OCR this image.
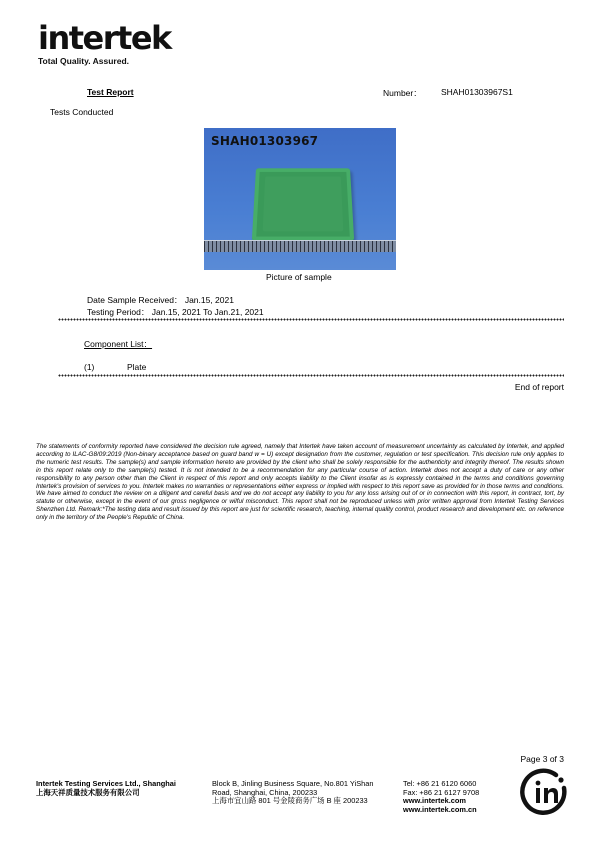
intertek
Total Quality. Assured.
Test Report	Number： SHAH01303967S1
Tests Conducted
SHAH01303967
Picture of sample
Date Sample Received： Jan.15, 2021
Testing Period： Jan.15, 2021 To Jan.21, 2021
Component List：
(1)	Plate
End of report
The statements of conformity reported have considered the decision rule agreed, namely that Intertek have taken account of measurement uncertainty as calculated by Intertek, and applied according to ILAC-G8/09:2019 (Non-binary acceptance based on guard band w = U) except designation from the customer, regulation or test specification. This decision rule only applies to the numeric test results. The sample(s) and sample information hereto are provided by the client who shall be solely responsible for the authenticity and integrity thereof. The results shown in this report relate only to the sample(s) tested. It is not intended to be a recommendation for any particular course of action. Intertek does not accept a duty of care or any other responsibility to any person other than the Client in respect of this report and only accepts liability to the Client insofar as is expressly contained in the terms and conditions governing Intertek's provision of services to you. Intertek makes no warranties or representations either express or implied with respect to this report save as provided for in those terms and conditions. We have aimed to conduct the review on a diligent and careful basis and we do not accept any liability to you for any loss arising out of or in connection with this report, in contract, tort, by statute or otherwise, except in the event of our gross negligence or wilful misconduct. This report shall not be reproduced unless with prior written approval from Intertek Testing Services Shenzhen Ltd. Remark:*The testing data and result issued by this report are just for scientific research, teaching, internal quality control, product research and development etc. on reference only in the territory of the People's Republic of China.
Page 3 of 3
Intertek Testing Services Ltd., Shanghai
上海天祥质量技术服务有限公司
Block B, Jinling Business Square, No.801 YiShan
Road, Shanghai, China, 200233
上海市宜山路 801 号金陵商务广场 B 座 200233
Tel: +86 21 6120 6060
Fax: +86 21 6127 9708
www.intertek.com
www.intertek.com.cn
